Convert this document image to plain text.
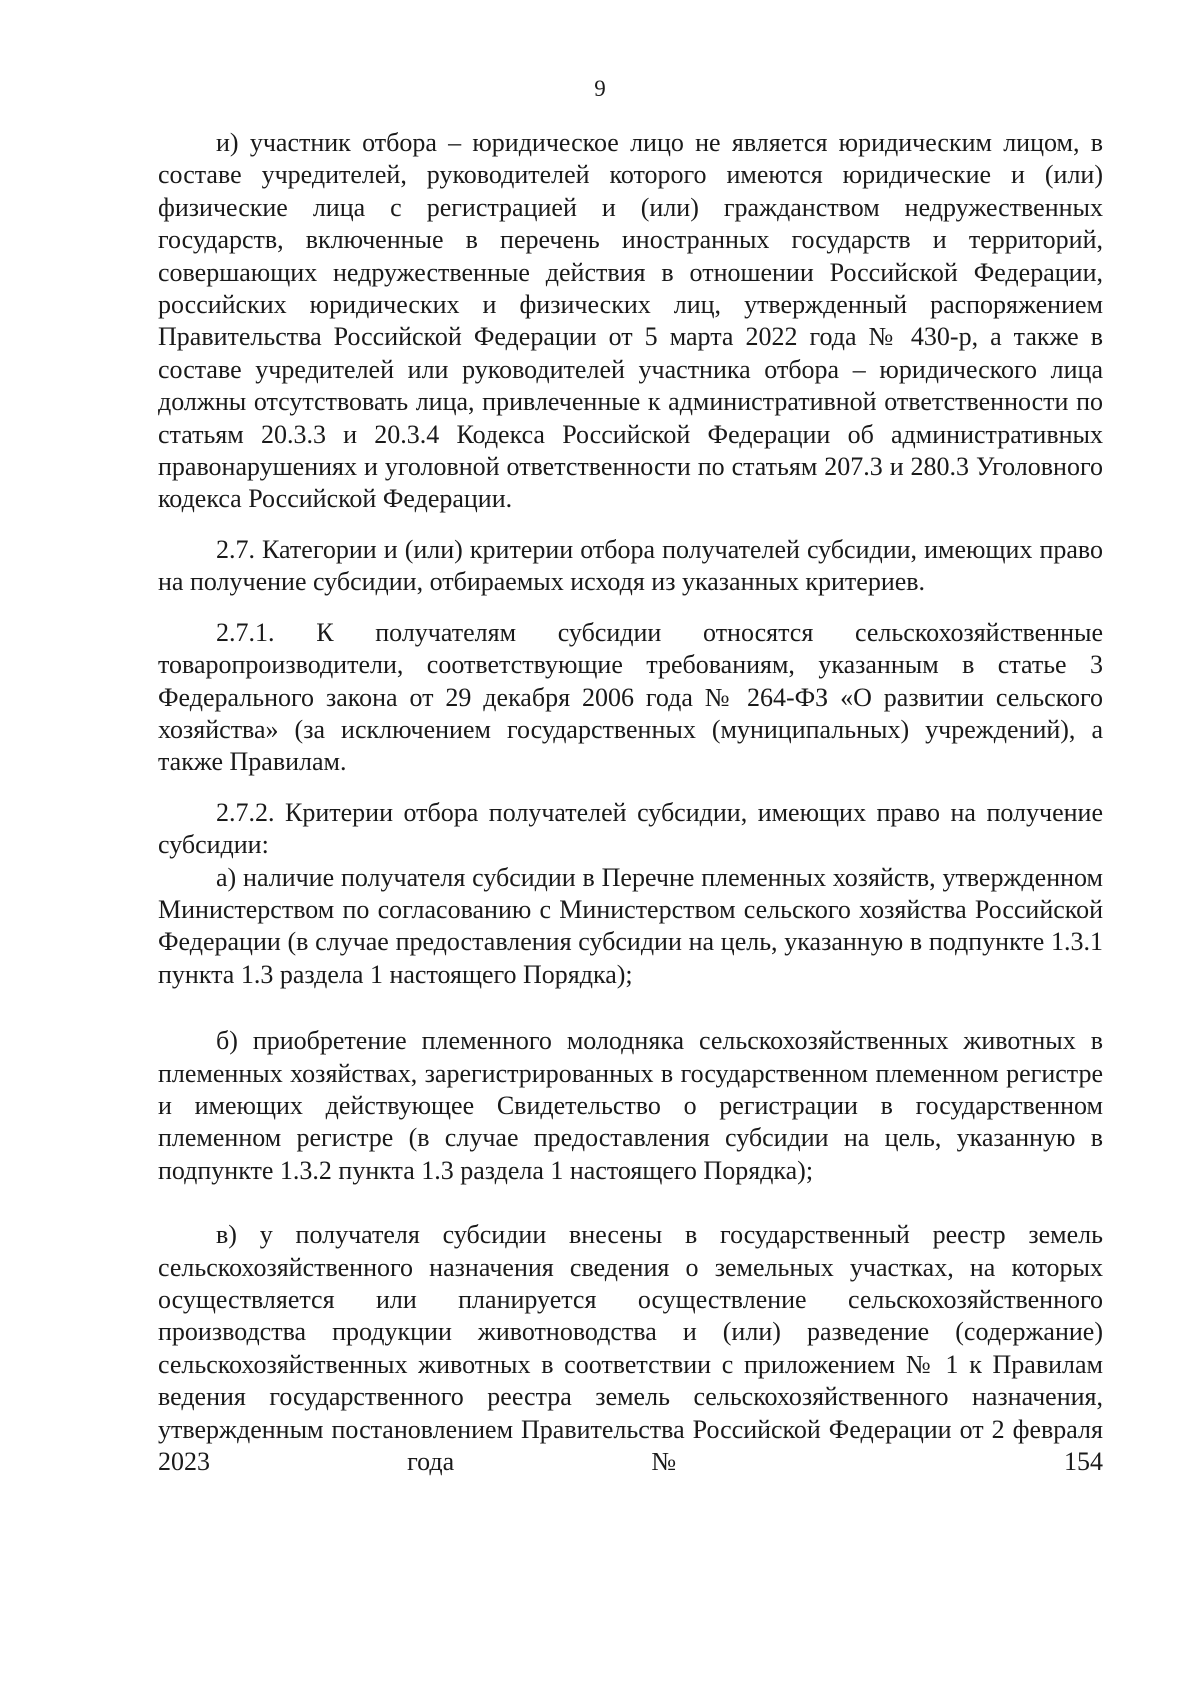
9

и) участник отбора – юридическое лицо не является юридическим лицом, в составе учредителей, руководителей которого имеются юридические и (или) физические лица с регистрацией и (или) гражданством недружественных государств, включенные в перечень иностранных государств и территорий, совершающих недружественные действия в отношении Российской Федерации, российских юридических и физических лиц, утвержденный распоряжением Правительства Российской Федерации от 5 марта 2022 года № 430-р, а также в составе учредителей или руководителей участника отбора – юридического лица должны отсутствовать лица, привлеченные к административной ответственности по статьям 20.3.3 и 20.3.4 Кодекса Российской Федерации об административных правонарушениях и уголовной ответственности по статьям 207.3 и 280.3 Уголовного кодекса Российской Федерации.

2.7. Категории и (или) критерии отбора получателей субсидии, имеющих право на получение субсидии, отбираемых исходя из указанных критериев.

2.7.1. К получателям субсидии относятся сельскохозяйственные товаропроизводители, соответствующие требованиям, указанным в статье 3 Федерального закона от 29 декабря 2006 года № 264-ФЗ «О развитии сельского хозяйства» (за исключением государственных (муниципальных) учреждений), а также Правилам.

2.7.2. Критерии отбора получателей субсидии, имеющих право на получение субсидии:

а) наличие получателя субсидии в Перечне племенных хозяйств, утвержденном Министерством по согласованию с Министерством сельского хозяйства Российской Федерации (в случае предоставления субсидии на цель, указанную в подпункте 1.3.1 пункта 1.3 раздела 1 настоящего Порядка);

б) приобретение племенного молодняка сельскохозяйственных животных в племенных хозяйствах, зарегистрированных в государственном племенном регистре и имеющих действующее Свидетельство о регистрации в государственном племенном регистре (в случае предоставления субсидии на цель, указанную в подпункте 1.3.2 пункта 1.3 раздела 1 настоящего Порядка);

в) у получателя субсидии внесены в государственный реестр земель сельскохозяйственного назначения сведения о земельных участках, на которых осуществляется или планируется осуществление сельскохозяйственного производства продукции животноводства и (или) разведение (содержание) сельскохозяйственных животных в соответствии с приложением № 1 к Правилам ведения государственного реестра земель сельскохозяйственного назначения, утвержденным постановлением Правительства Российской Федерации от 2 февраля 2023 года № 154
